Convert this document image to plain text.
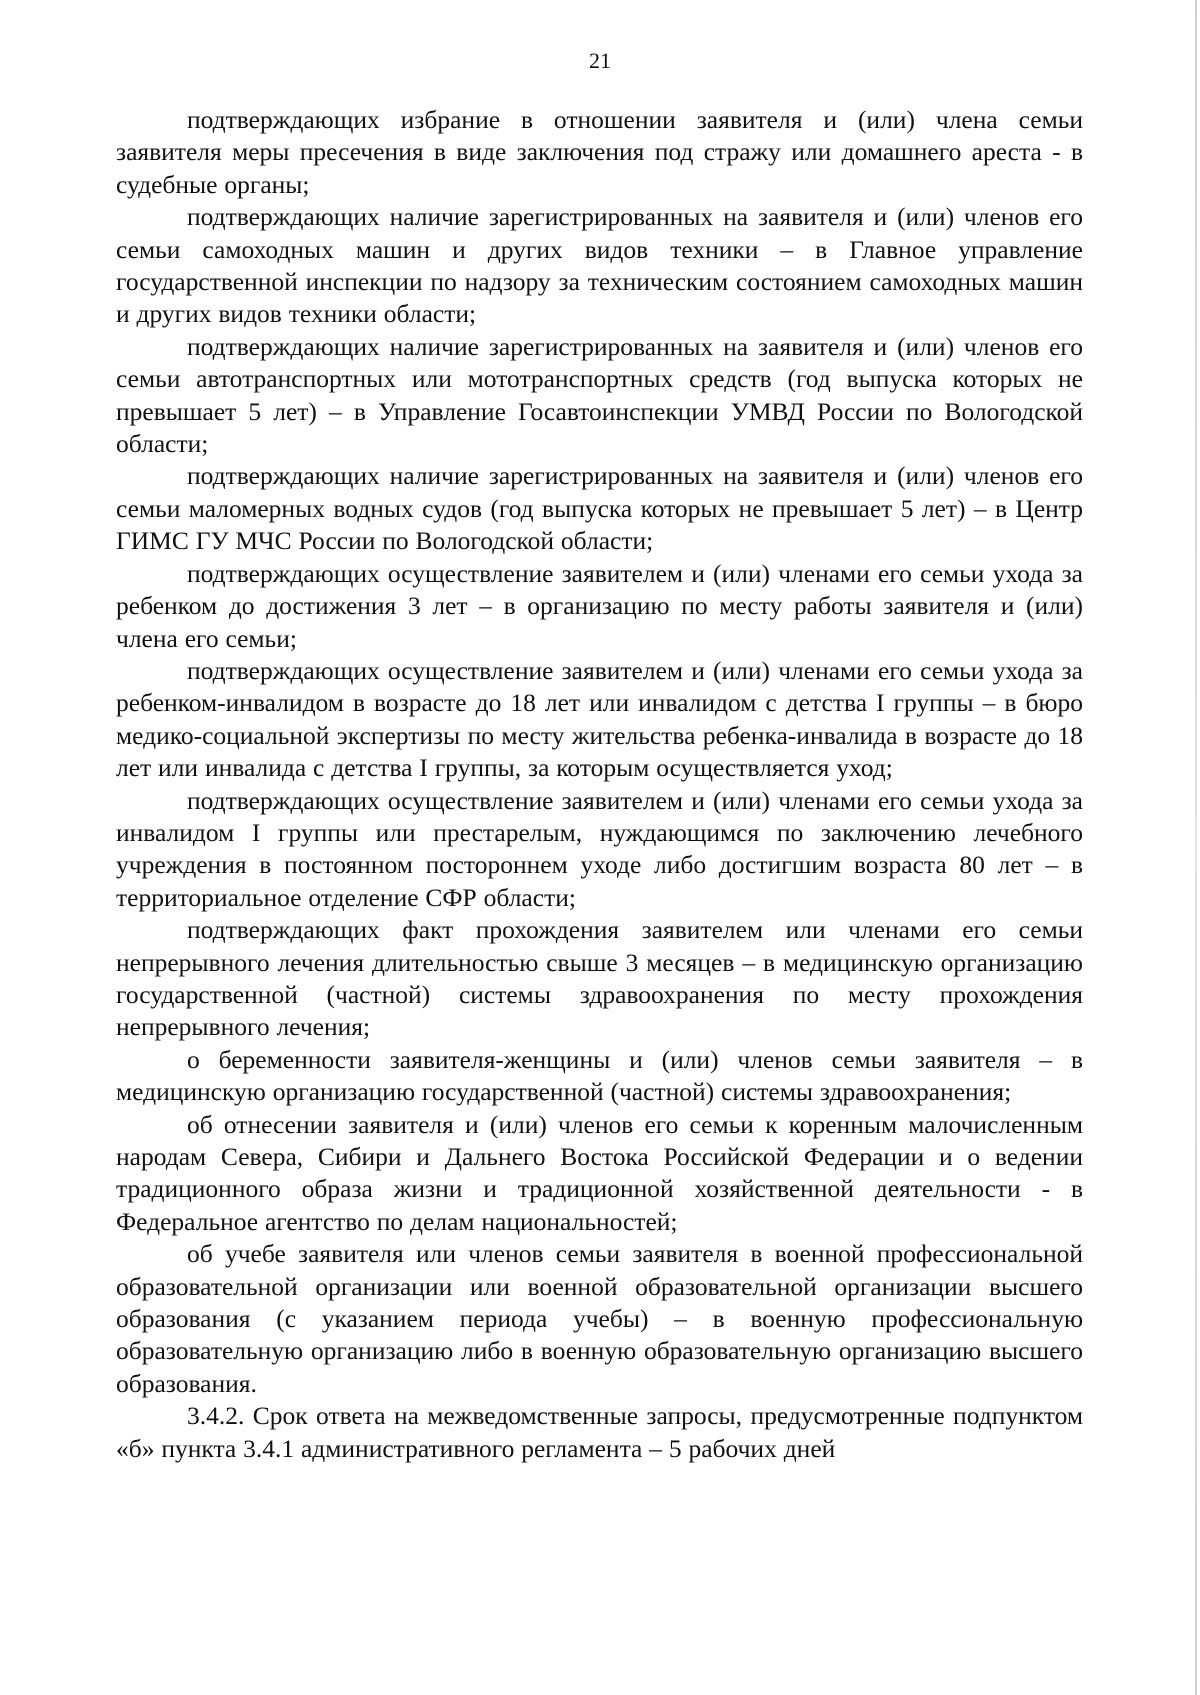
21

подтверждающих избрание в отношении заявителя и (или) члена семьи заявителя меры пресечения в виде заключения под стражу или домашнего ареста - в судебные органы;

подтверждающих наличие зарегистрированных на заявителя и (или) членов его семьи самоходных машин и других видов техники – в Главное управление государственной инспекции по надзору за техническим состоянием самоходных машин и других видов техники области;

подтверждающих наличие зарегистрированных на заявителя и (или) членов его семьи автотранспортных или мототранспортных средств (год выпуска которых не превышает 5 лет) – в Управление Госавтоинспекции УМВД России по Вологодской области;

подтверждающих наличие зарегистрированных на заявителя и (или) членов его семьи маломерных водных судов (год выпуска которых не превышает 5 лет) – в Центр ГИМС ГУ МЧС России по Вологодской области;

подтверждающих осуществление заявителем и (или) членами его семьи ухода за ребенком до достижения 3 лет – в организацию по месту работы заявителя и (или) члена его семьи;

подтверждающих осуществление заявителем и (или) членами его семьи ухода за ребенком-инвалидом в возрасте до 18 лет или инвалидом с детства I группы – в бюро медико-социальной экспертизы по месту жительства ребенка-инвалида в возрасте до 18 лет или инвалида с детства I группы, за которым осуществляется уход;

подтверждающих осуществление заявителем и (или) членами его семьи ухода за инвалидом I группы или престарелым, нуждающимся по заключению лечебного учреждения в постоянном постороннем уходе либо достигшим возраста 80 лет – в территориальное отделение СФР области;

подтверждающих факт прохождения заявителем или членами его семьи непрерывного лечения длительностью свыше 3 месяцев – в медицинскую организацию государственной (частной) системы здравоохранения по месту прохождения непрерывного лечения;

о беременности заявителя-женщины и (или) членов семьи заявителя – в медицинскую организацию государственной (частной) системы здравоохранения;

об отнесении заявителя и (или) членов его семьи к коренным малочисленным народам Севера, Сибири и Дальнего Востока Российской Федерации и о ведении традиционного образа жизни и традиционной хозяйственной деятельности - в Федеральное агентство по делам национальностей;

об учебе заявителя или членов семьи заявителя в военной профессиональной образовательной организации или военной образовательной организации высшего образования (с указанием периода учебы) – в военную профессиональную образовательную организацию либо в военную образовательную организацию высшего образования.

3.4.2. Срок ответа на межведомственные запросы, предусмотренные подпунктом «б» пункта 3.4.1 административного регламента – 5 рабочих дней
